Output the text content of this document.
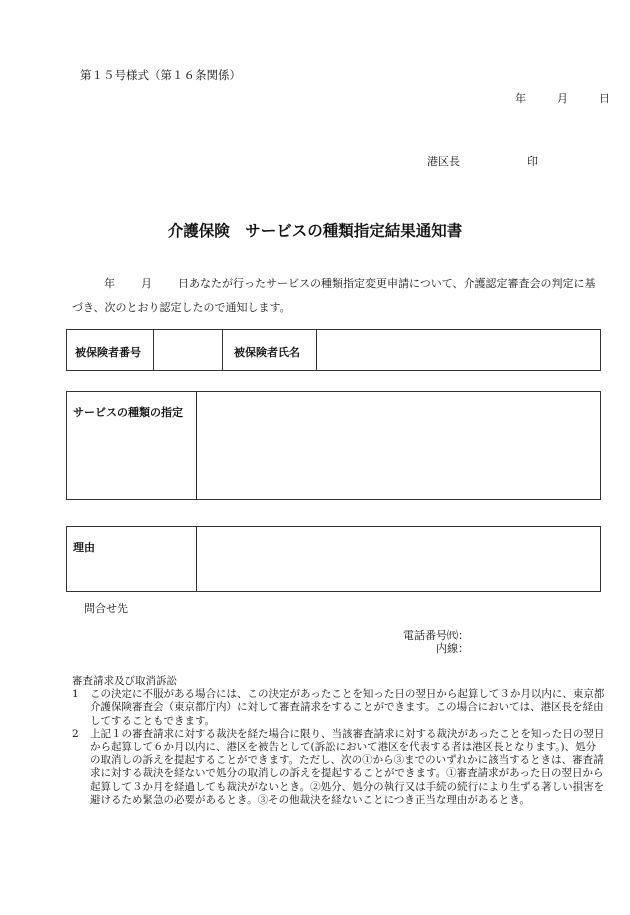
第１５号様式（第１６条関係）
年	月	日
港区長	印
介護保険　サービスの種類指定結果通知書
年 月 日あなたが行ったサービスの種類指定変更申請について、介護認定審査会の判定に基づき、次のとおり認定したので通知します。
被保険者番号	被保険者氏名
サービスの種類の指定
理由
問合せ先
電話番号㈹：
内線：

審査請求及び取消訴訟

1	この決定に不服がある場合には、この決定があったことを知った日の翌日から起算して３か月以内に、東京都介護保険審査会（東京都庁内）に対して審査請求をすることができます。この場合においては、港区長を経由してすることもできます。
2	上記１の審査請求に対する裁決を経た場合に限り、当該審査請求に対する裁決があったことを知った日の翌日から起算して６か月以内に、港区を被告として(訴訟において港区を代表する者は港区長となります。)、処分の取消しの訴えを提起することができます。ただし、次の①から③までのいずれかに該当するときは、審査請求に対する裁決を経ないで処分の取消しの訴えを提起することができます。①審査請求があった日の翌日から起算して３か月を経過しても裁決がないとき。②処分、処分の執行又は手続の続行により生ずる著しい損害を避けるため緊急の必要があるとき。③その他裁決を経ないことにつき正当な理由があるとき。
